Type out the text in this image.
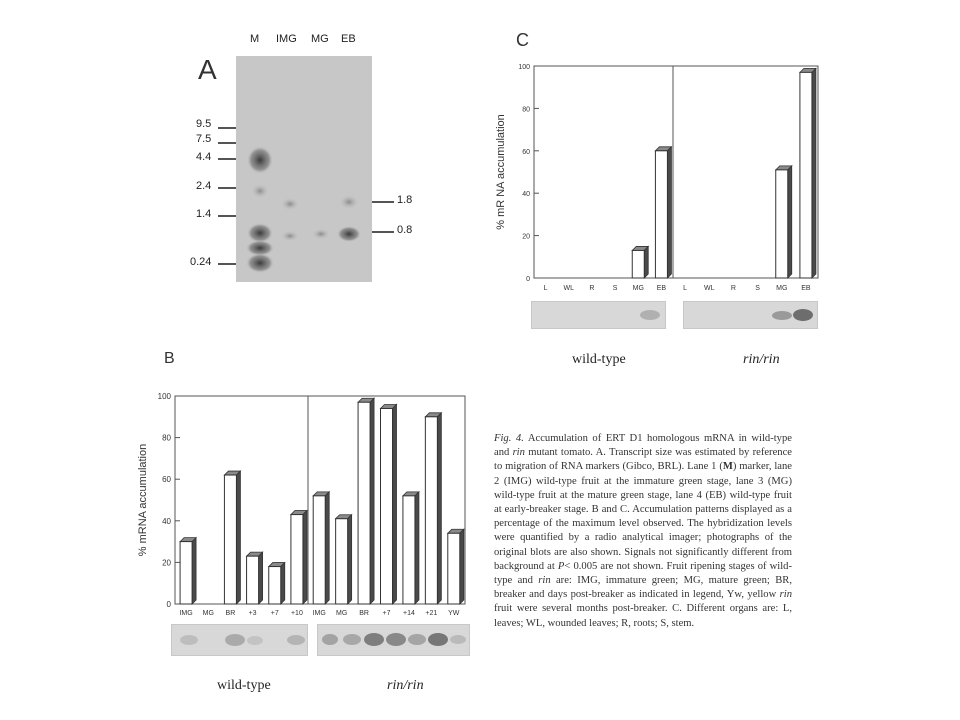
A
M IMG MG EB
9.5
7.5
4.4
2.4
1.4
0.24
1.8
0.8
C
0
20
40
60
80
100
% mR NA accumulation
L WL R	S MG EB L WL R	S MG EB
wild-type	rin/rin
B
0
20
40
60
80
100
% mRNA accumulation
IMG MG BR +3 +7 +10 IMG MG BR +7 +14 +21 YW
wild-type	rin/rin
Fig. 4. Accumulation of ERT D1 homologous mRNA in wild-type and rin mutant tomato. A. Transcript size was estimated by reference to migration of RNA markers (Gibco, BRL). Lane 1 (M) marker, lane 2 (IMG) wild-type fruit at the immature green stage, lane 3 (MG) wild-type fruit at the mature green stage, lane 4 (EB) wild-type fruit at early-breaker stage. B and C. Accumulation patterns displayed as a percentage of the maximum level observed. The hybridization levels were quantified by a radio analytical imager; photographs of the original blots are also shown. Signals not significantly different from background at P< 0.005 are not shown. Fruit ripening stages of wild-type and rin are: IMG, immature green; MG, mature green; BR, breaker and days post-breaker as indicated in legend, Yw, yellow rin fruit were several months post-breaker. C. Different organs are: L, leaves; WL, wounded leaves; R, roots; S, stem.
